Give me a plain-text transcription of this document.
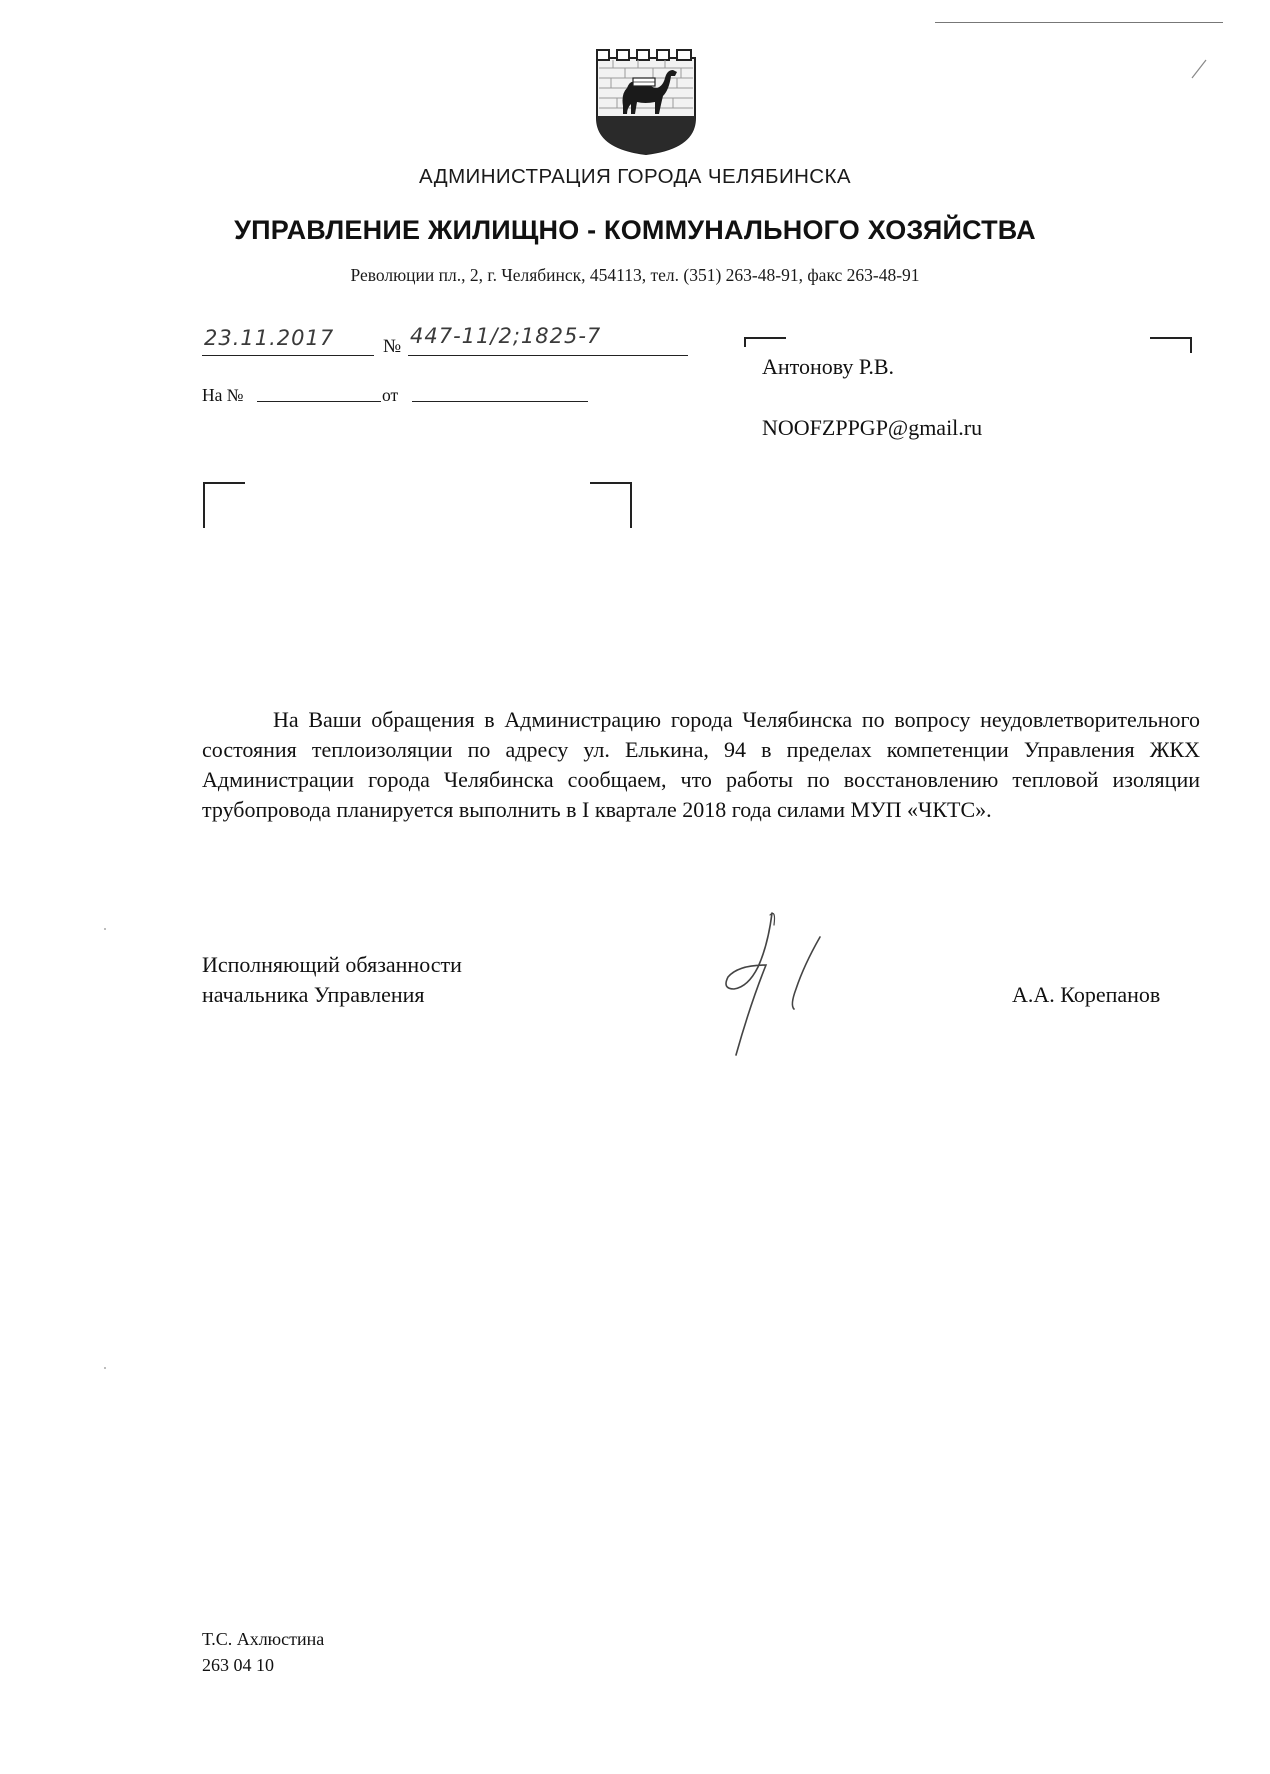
АДМИНИСТРАЦИЯ ГОРОДА ЧЕЛЯБИНСКА
УПРАВЛЕНИЕ ЖИЛИЩНО - КОММУНАЛЬНОГО ХОЗЯЙСТВА
Революции пл., 2, г. Челябинск, 454113, тел. (351) 263-48-91, факс 263-48-91
23.11.2017	№ 447-11/2;1825-7
На №	от
Антонову Р.В.
NOOFZPPGP@gmail.ru
На Ваши обращения в Администрацию города Челябинска по вопросу неудовлетворительного состояния теплоизоляции по адресу ул. Елькина, 94 в пределах компетенции Управления ЖКХ Администрации города Челябинска сообщаем, что работы по восстановлению тепловой изоляции трубопровода планируется выполнить в I квартале 2018 года силами МУП «ЧКТС».
Исполняющий обязанности
начальника Управления	А.А. Корепанов
Т.С. Ахлюстина
263 04 10
